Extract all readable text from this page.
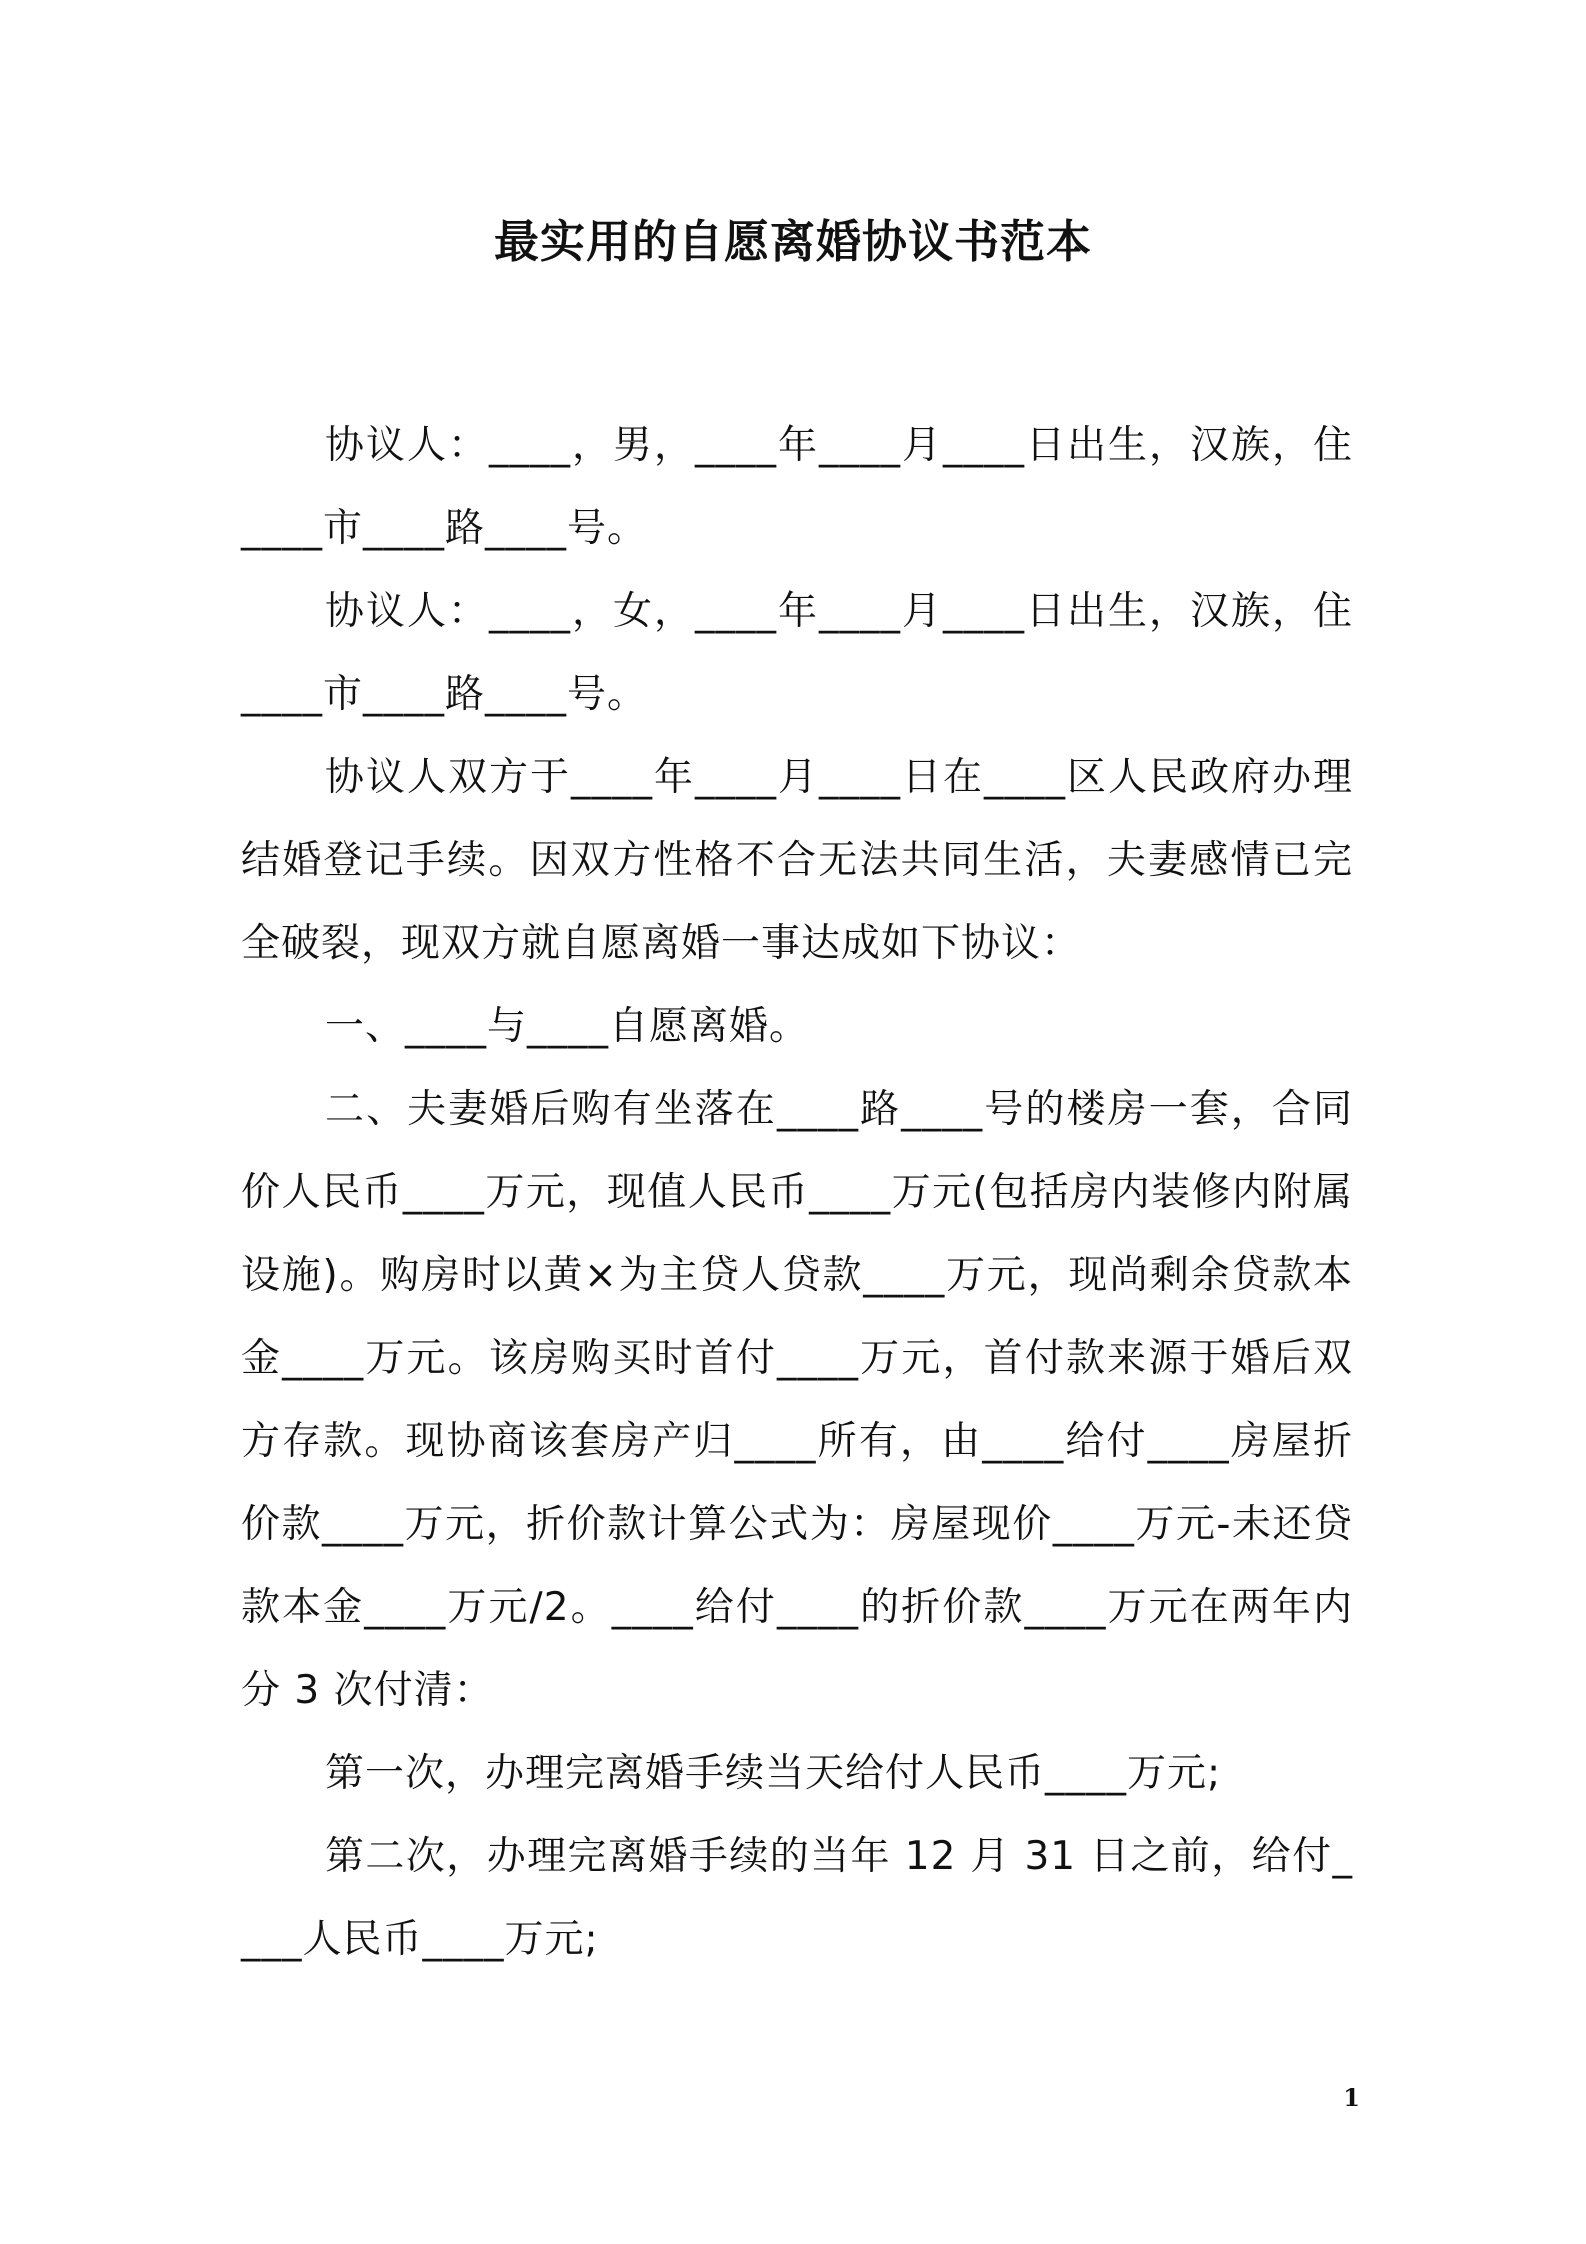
最实用的自愿离婚协议书范本

协议人：____，男，____年____月____日出生，汉族，住____市____路____号。

协议人：____，女，____年____月____日出生，汉族，住____市____路____号。

协议人双方于____年____月____日在____区人民政府办理结婚登记手续。因双方性格不合无法共同生活，夫妻感情已完全破裂，现双方就自愿离婚一事达成如下协议：

一、____与____自愿离婚。

二、夫妻婚后购有坐落在____路____号的楼房一套，合同价人民币____万元，现值人民币____万元(包括房内装修内附属设施)。购房时以黄×为主贷人贷款____万元，现尚剩余贷款本金____万元。该房购买时首付____万元，首付款来源于婚后双方存款。现协商该套房产归____所有，由____给付____房屋折价款____万元，折价款计算公式为：房屋现价____万元-未还贷款本金____万元/2。____给付____的折价款____万元在两年内分 3 次付清：

第一次，办理完离婚手续当天给付人民币____万元;

第二次，办理完离婚手续的当年 12 月 31 日之前，给付____人民币____万元;

1
